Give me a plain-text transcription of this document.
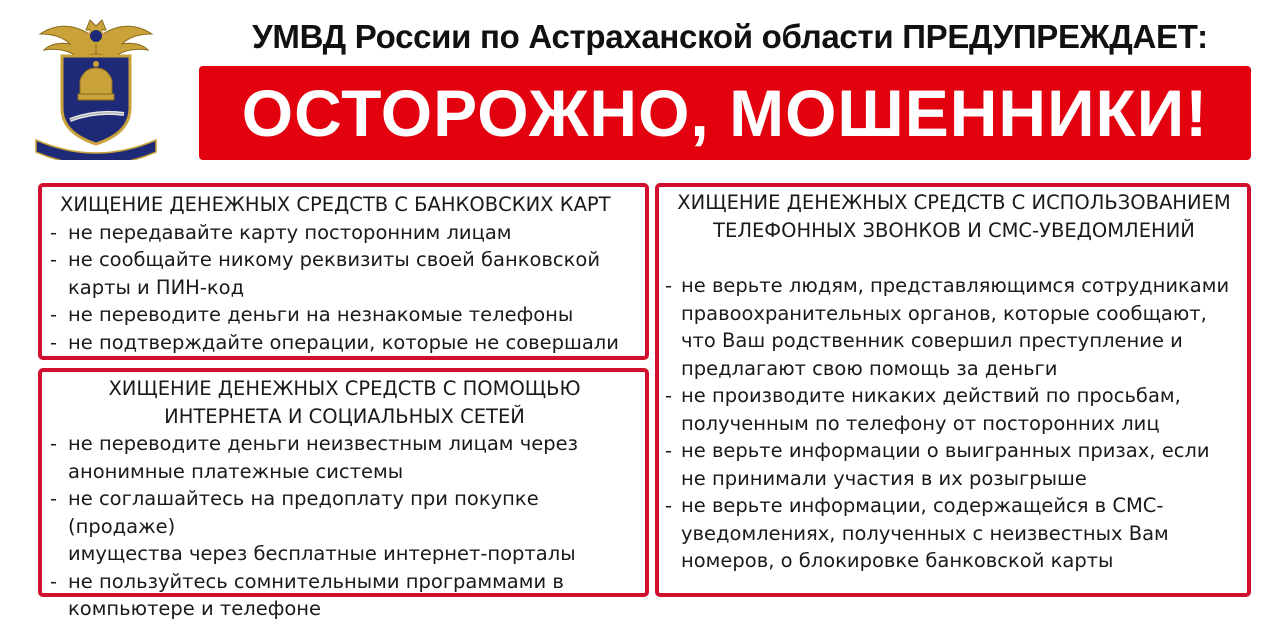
УМВД России по Астраханской области ПРЕДУПРЕЖДАЕТ:
ОСТОРОЖНО, МОШЕННИКИ!
ХИЩЕНИЕ ДЕНЕЖНЫХ СРЕДСТВ С БАНКОВСКИХ КАРТ
- не передавайте карту посторонним лицам
- не сообщайте никому реквизиты своей банковской
карты и ПИН-код
- не переводите деньги на незнакомые телефоны
- не подтверждайте операции, которые не совершали
ХИЩЕНИЕ ДЕНЕЖНЫХ СРЕДСТВ С ПОМОЩЬЮ
ИНТЕРНЕТА И СОЦИАЛЬНЫХ СЕТЕЙ
- не переводите деньги неизвестным лицам через
анонимные платежные системы
- не соглашайтесь на предоплату при покупке (продаже)
имущества через бесплатные интернет-порталы
- не пользуйтесь сомнительными программами в
компьютере и телефоне
ХИЩЕНИЕ ДЕНЕЖНЫХ СРЕДСТВ С ИСПОЛЬЗОВАНИЕМ
ТЕЛЕФОННЫХ ЗВОНКОВ И СМС-УВЕДОМЛЕНИЙ
- не верьте людям, представляющимся сотрудниками
правоохранительных органов, которые сообщают,
что Ваш родственник совершил преступление и
предлагают свою помощь за деньги
- не производите никаких действий по просьбам,
полученным по телефону от посторонних лиц
- не верьте информации о выигранных призах, если
не принимали участия в их розыгрыше
- не верьте информации, содержащейся в СМС-
уведомлениях, полученных с неизвестных Вам
номеров, о блокировке банковской карты
